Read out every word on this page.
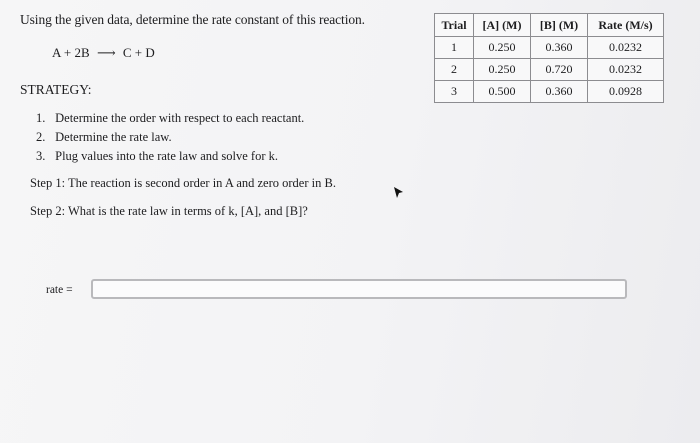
Using the given data, determine the rate constant of this reaction.
A + 2B ⟶ C + D
STRATEGY:
1. Determine the order with respect to each reactant.
2. Determine the rate law.
3. Plug values into the rate law and solve for k.
Step 1: The reaction is second order in A and zero order in B.
Step 2: What is the rate law in terms of k, [A], and [B]?
rate =
Trial	[A] (M)	[B] (M)	Rate (M/s)
1	0.250	0.360	0.0232
2	0.250	0.720	0.0232
3	0.500	0.360	0.0928
